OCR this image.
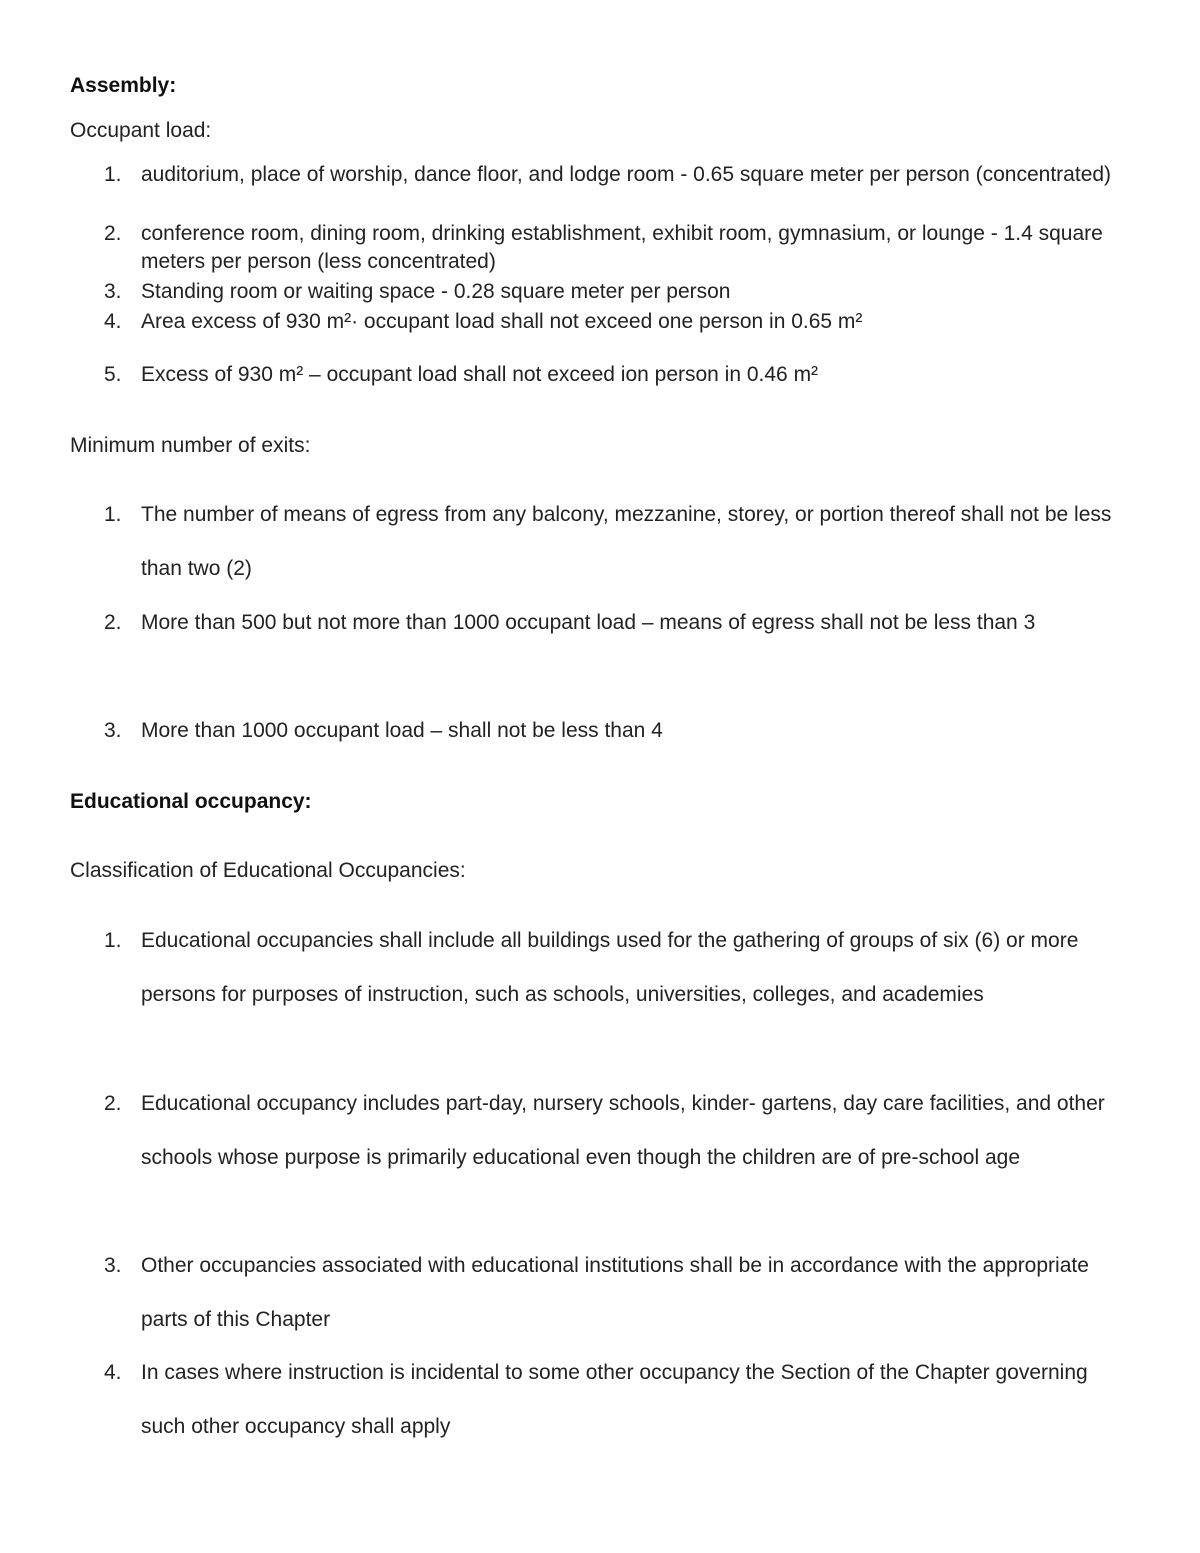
Assembly:
Occupant load:
1. auditorium, place of worship, dance floor, and lodge room - 0.65 square meter per person (concentrated)
2. conference room, dining room, drinking establishment, exhibit room, gymnasium, or lounge - 1.4 square meters per person (less concentrated)
3. Standing room or waiting space - 0.28 square meter per person
4. Area excess of 930 m²· occupant load shall not exceed one person in 0.65 m²
5. Excess of 930 m² – occupant load shall not exceed ion person in 0.46 m²
Minimum number of exits:
1. The number of means of egress from any balcony, mezzanine, storey, or portion thereof shall not be less than two (2)
2. More than 500 but not more than 1000 occupant load – means of egress shall not be less than 3
3. More than 1000 occupant load – shall not be less than 4
Educational occupancy:
Classification of Educational Occupancies:
1. Educational occupancies shall include all buildings used for the gathering of groups of six (6) or more persons for purposes of instruction, such as schools, universities, colleges, and academies
2. Educational occupancy includes part-day, nursery schools, kinder- gartens, day care facilities, and other schools whose purpose is primarily educational even though the children are of pre-school age
3. Other occupancies associated with educational institutions shall be in accordance with the appropriate parts of this Chapter
4. In cases where instruction is incidental to some other occupancy the Section of the Chapter governing such other occupancy shall apply
